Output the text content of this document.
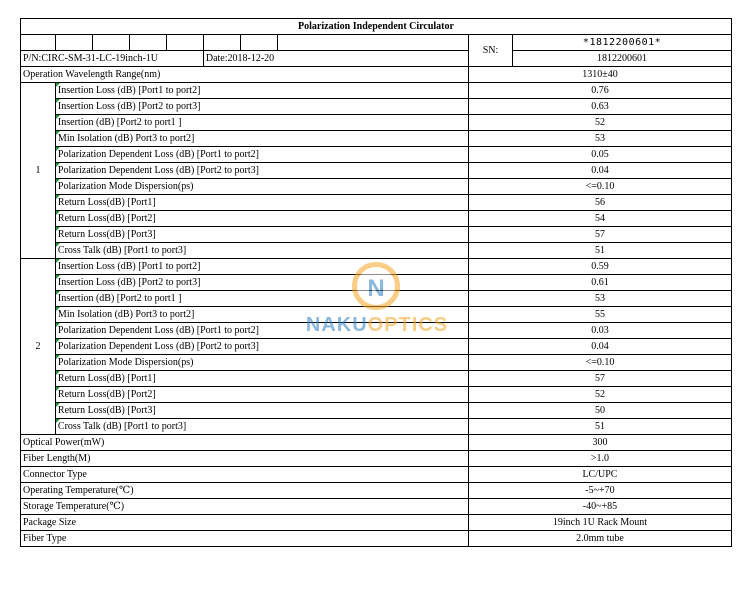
Polarization Independent Circulator									
								SN:	*1812200601*
P/N:CIRC-SM-31-LC-19inch-1U					Date:2018-12-20				1812200601
Operation Wavelength Range(nm)								1310±40	
1	Insertion Loss (dB) [Port1 to port2]							0.76	
	Insertion Loss (dB) [Port2 to port3]							0.63	
	Insertion (dB) [Port2 to port1 ]							52	
	Min Isolation (dB) Port3 to port2]							53	
	Polarization Dependent Loss (dB) [Port1 to port2]							0.05	
	Polarization Dependent Loss (dB) [Port2 to port3]							0.04	
	Polarization Mode Dispersion(ps)							<=0.10	
	Return Loss(dB) [Port1]							56	
	Return Loss(dB) [Port2]							54	
	Return Loss(dB) [Port3]							57	
	Cross Talk (dB) [Port1 to port3]							51	
2	Insertion Loss (dB) [Port1 to port2]							0.59	
	Insertion Loss (dB) [Port2 to port3]							0.61	
	Insertion (dB) [Port2 to port1 ]							53	
	Min Isolation (dB) Port3 to port2]							55	
	Polarization Dependent Loss (dB) [Port1 to port2]							0.03	
	Polarization Dependent Loss (dB) [Port2 to port3]							0.04	
	Polarization Mode Dispersion(ps)							<=0.10	
	Return Loss(dB) [Port1]							57	
	Return Loss(dB) [Port2]							52	
	Return Loss(dB) [Port3]							50	
	Cross Talk (dB) [Port1 to port3]							51	
Optical Power(mW)								300	
Fiber Length(M)								>1.0	
Connector Type								LC/UPC	
Operating Temperature(℃)								-5~+70	
Storage Temperature(℃)								-40~+85	
Package Size								19inch 1U Rack Mount	
Fiber Type								2.0mm tube	
N
NAKUOPTICS
